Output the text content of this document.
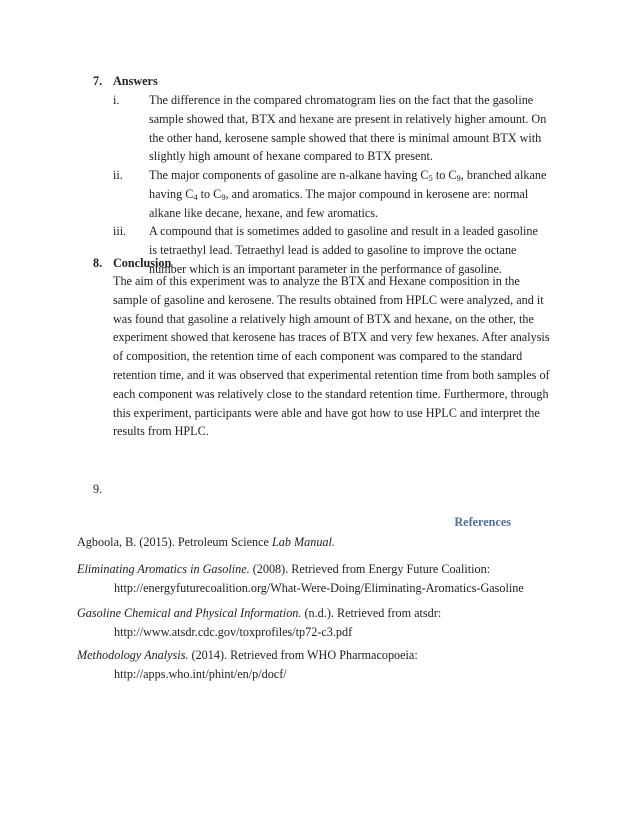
7. Answers
i. The difference in the compared chromatogram lies on the fact that the gasoline
sample showed that, BTX and hexane are present in relatively higher amount. On
the other hand, kerosene sample showed that there is minimal amount BTX with
slightly high amount of hexane compared to BTX present.
ii. The major components of gasoline are n-alkane having $C_5$ to $C_9$, branched alkane
having $C_4$ to $C_9$, and aromatics. The major compound in kerosene are: normal
alkane like decane, hexane, and few aromatics.
iii. A compound that is sometimes added to gasoline and result in a leaded gasoline
is tetraethyl lead. Tetraethyl lead is added to gasoline to improve the octane
number which is an important parameter in the performance of gasoline.
8. Conclusion
The aim of this experiment was to analyze the BTX and Hexane composition in the
sample of gasoline and kerosene. The results obtained from HPLC were analyzed, and it
was found that gasoline a relatively high amount of BTX and hexane, on the other, the
experiment showed that kerosene has traces of BTX and very few hexanes. After analysis
of composition, the retention time of each component was compared to the standard
retention time, and it was observed that experimental retention time from both samples of
each component was relatively close to the standard retention time. Furthermore, through
this experiment, participants were able and have got how to use HPLC and interpret the
results from HPLC.
9.
References
Agboola, B. (2015). Petroleum Science Lab Manual.
Eliminating Aromatics in Gasoline. (2008). Retrieved from Energy Future Coalition:
http://energyfuturecoalition.org/What-Were-Doing/Eliminating-Aromatics-Gasoline
Gasoline Chemical and Physical Information. (n.d.). Retrieved from atsdr:
http://www.atsdr.cdc.gov/toxprofiles/tp72-c3.pdf
Methodology Analysis. (2014). Retrieved from WHO Pharmacopoeia:
http://apps.who.int/phint/en/p/docf/
